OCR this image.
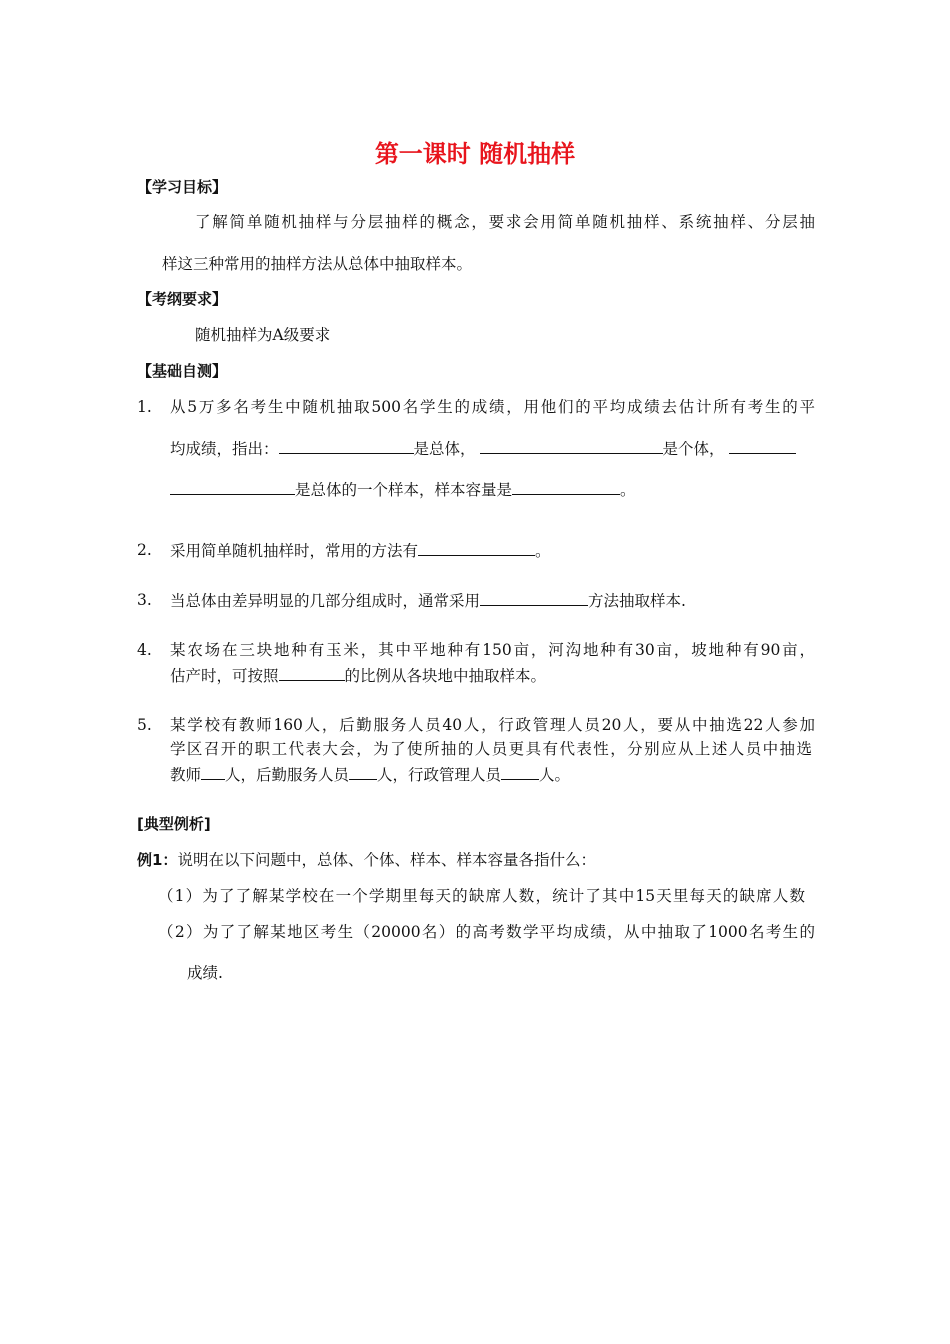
第一课时 随机抽样
【学习目标】
了解简单随机抽样与分层抽样的概念，要求会用简单随机抽样、系统抽样、分层抽
样这三种常用的抽样方法从总体中抽取样本。
【考纲要求】
随机抽样为A级要求
【基础自测】
1. 从5万多名考生中随机抽取500名学生的成绩，用他们的平均成绩去估计所有考生的平
均成绩，指出：	是总体，	是个体，
是总体的一个样本，样本容量是	。
2. 采用简单随机抽样时，常用的方法有	。
3. 当总体由差异明显的几部分组成时，通常采用	方法抽取样本.
4. 某农场在三块地种有玉米，其中平地种有150亩，河沟地种有30亩，坡地种有90亩，
估产时，可按照	的比例从各块地中抽取样本。
5. 某学校有教师160人，后勤服务人员40人，行政管理人员20人，要从中抽选22人参加
学区召开的职工代表大会，为了使所抽的人员更具有代表性，分别应从上述人员中抽选
教师 人，后勤服务人员 人，行政管理人员 人。
[典型例析]
例1：说明在以下问题中，总体、个体、样本、样本容量各指什么：
（1）为了了解某学校在一个学期里每天的缺席人数，统计了其中15天里每天的缺席人数
（2）为了了解某地区考生（20000名）的高考数学平均成绩，从中抽取了1000名考生的
成绩.
